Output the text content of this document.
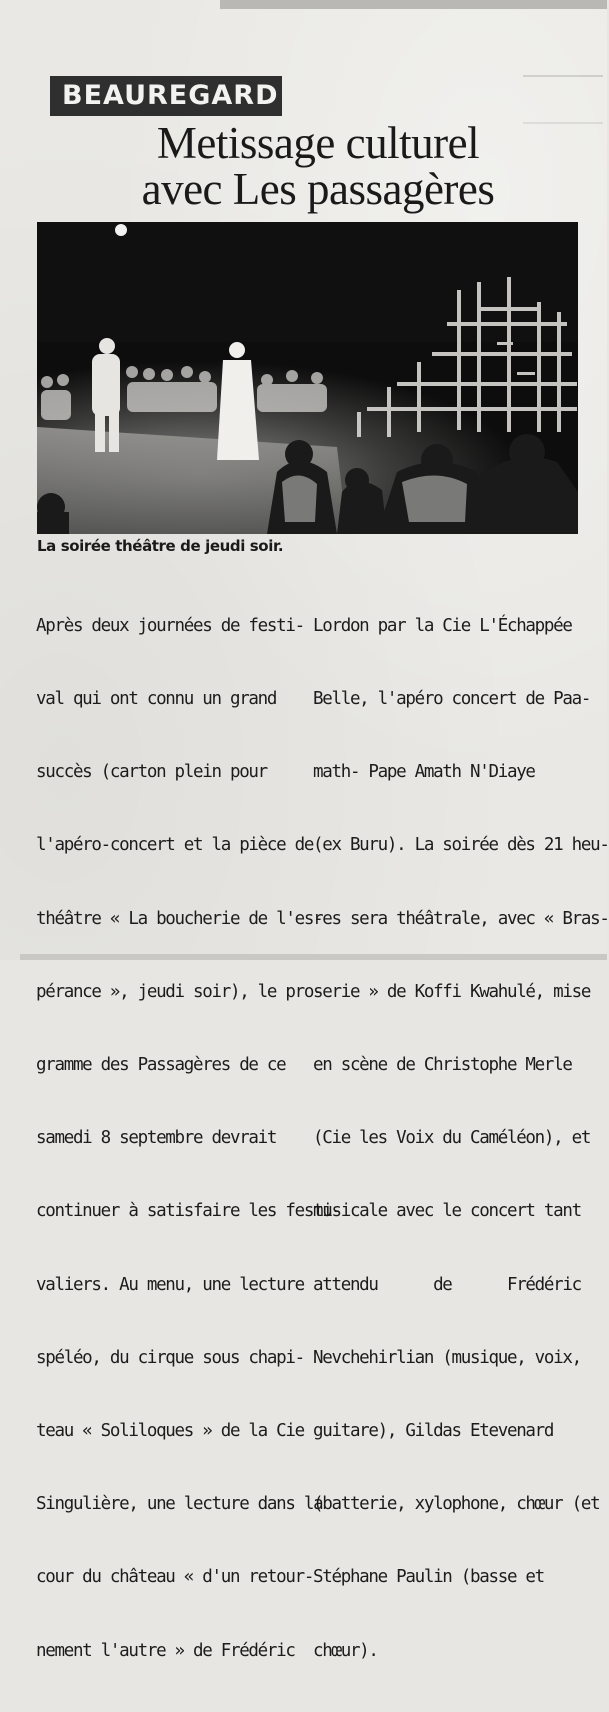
BEAUREGARD
Metissage culturel
avec Les passagères
La soirée théâtre de jeudi soir.

Après deux journées de festi-

val qui ont connu un grand

succès (carton plein pour

l'apéro-concert et la pièce de

théâtre « La boucherie de l'es-

pérance », jeudi soir), le pro-

gramme des Passagères de ce

samedi 8 septembre devrait

continuer à satisfaire les festi-

valiers. Au menu, une lecture

spéléo, du cirque sous chapi-

teau « Soliloques » de la Cie

Singulière, une lecture dans la

cour du château « d'un retour-

nement l'autre » de Frédéric

Lordon par la Cie L'Échappée

Belle, l'apéro concert de Paa-

math- Pape Amath N'Diaye

(ex Buru). La soirée dès 21 heu-

res sera théâtrale, avec « Bras-

serie » de Koffi Kwahulé, mise

en scène de Christophe Merle

(Cie les Voix du Caméléon), et

musicale avec le concert tant

attendu      de      Frédéric

Nevchehirlian (musique, voix,

guitare), Gildas Etevenard

(batterie, xylophone, chœur (et

Stéphane Paulin (basse et

chœur).
